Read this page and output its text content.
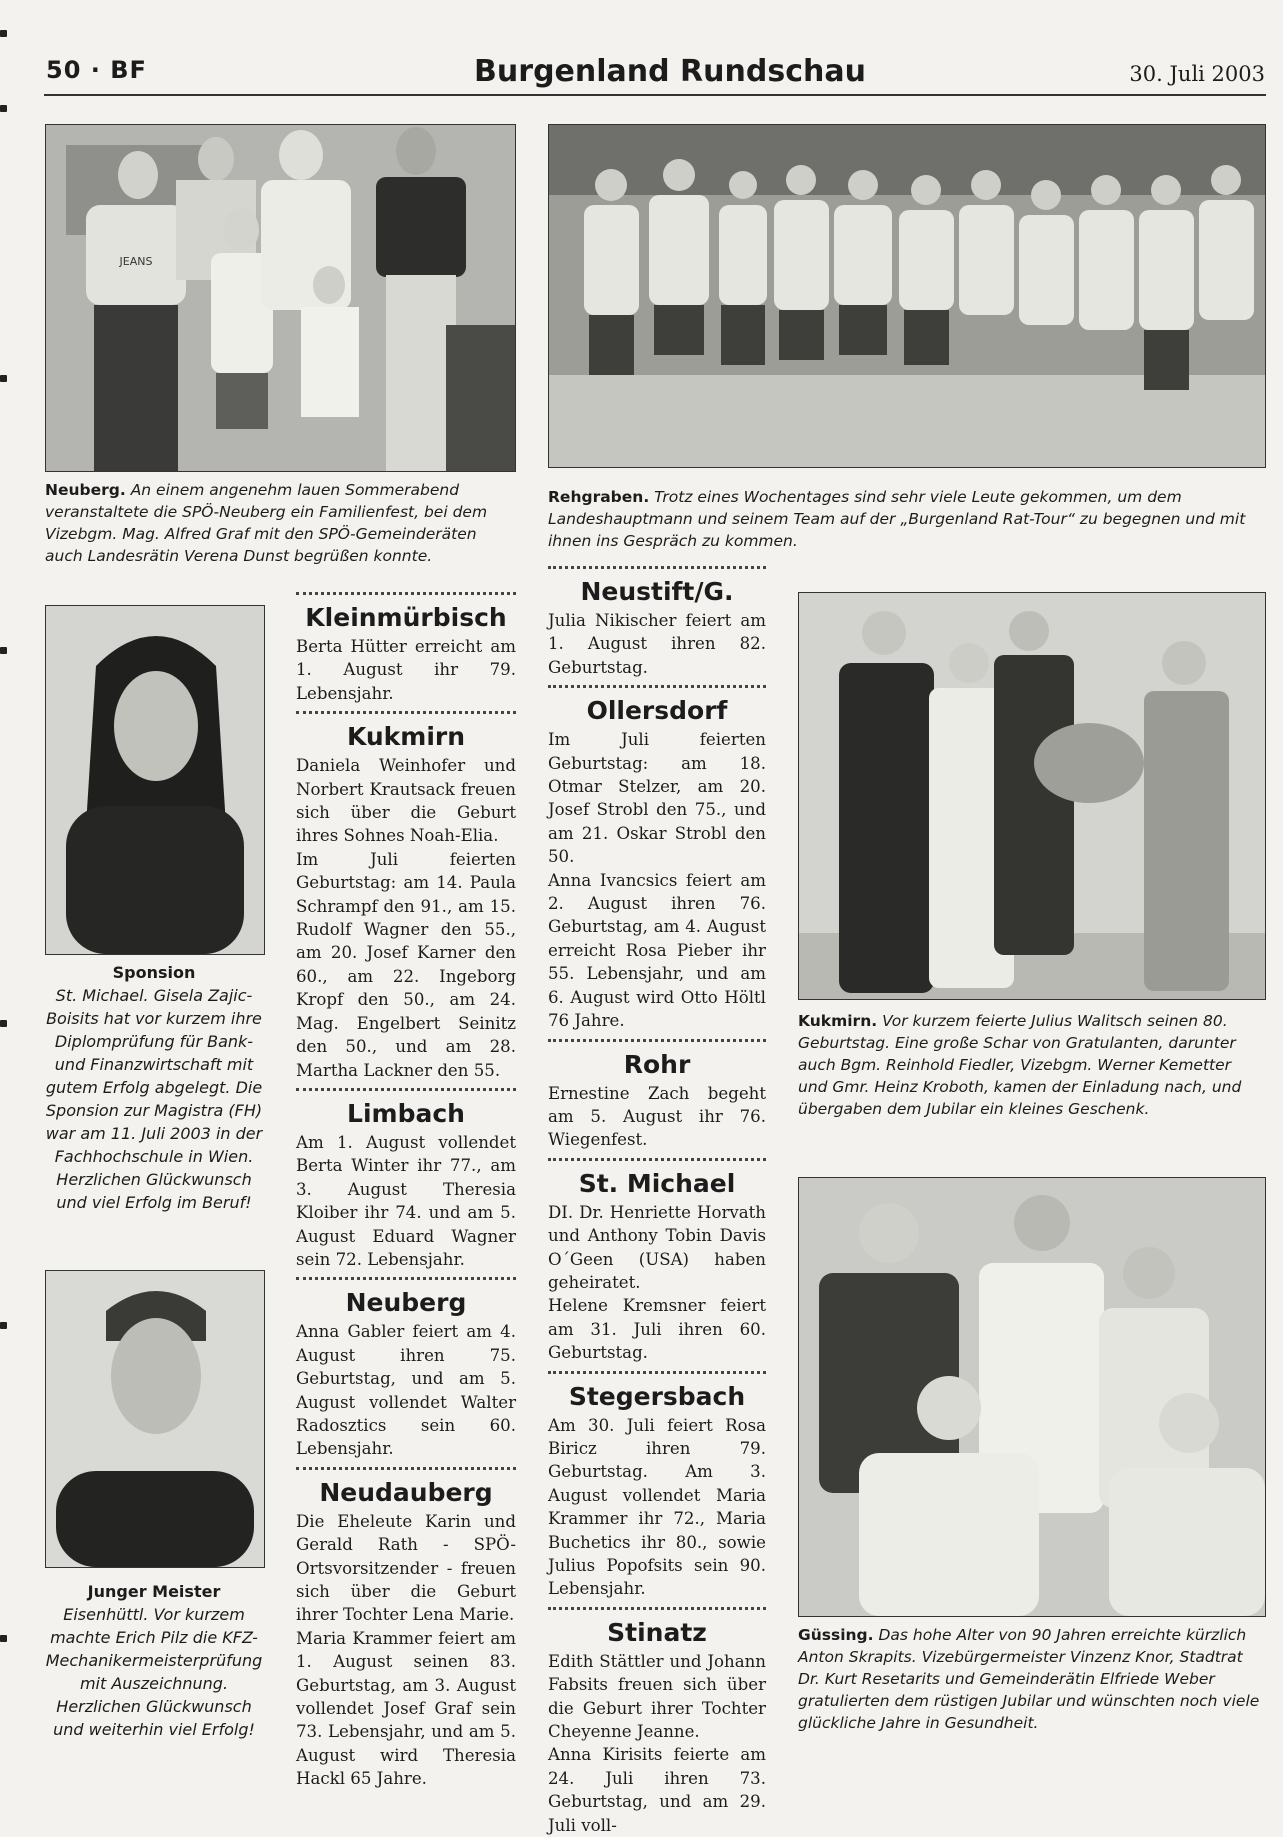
50 · BF	Burgenland Rundschau	30. Juli 2003
JEANS

Neuberg. An einem angenehm lauen Sommerabend veranstaltete die SPÖ-Neuberg ein Familienfest, bei dem Vizebgm. Mag. Alfred Graf mit den SPÖ-Gemeinderäten auch Landesrätin Verena Dunst begrüßen konnte.

Rehgraben. Trotz eines Wochentages sind sehr viele Leute gekommen, um dem Landeshauptmann und seinem Team auf der „Burgenland Rat-Tour“ zu begegnen und mit ihnen ins Gespräch zu kommen.

Sponsion

St. Michael. Gisela Zajic-Boisits hat vor kurzem ihre Diplomprüfung für Bank- und Finanzwirtschaft mit gutem Erfolg abgelegt. Die Sponsion zur Magistra (FH) war am 11. Juli 2003 in der Fachhochschule in Wien. Herzlichen Glückwunsch und viel Erfolg im Beruf!

Junger Meister

Eisenhüttl. Vor kurzem machte Erich Pilz die KFZ-Mechanikermeisterprüfung mit Auszeichnung. Herzlichen Glückwunsch und weiterhin viel Erfolg!

Kleinmürbisch

Berta Hütter erreicht am 1. August ihr 79. Lebensjahr.

Kukmirn

Daniela Weinhofer und Norbert Krautsack freuen sich über die Geburt ihres Sohnes Noah-Elia.

Im Juli feierten Geburtstag: am 14. Paula Schrampf den 91., am 15. Rudolf Wagner den 55., am 20. Josef Karner den 60., am 22. Ingeborg Kropf den 50., am 24. Mag. Engelbert Seinitz den 50., und am 28. Martha Lackner den 55.

Limbach

Am 1. August vollendet Berta Winter ihr 77., am 3. August Theresia Kloiber ihr 74. und am 5. August Eduard Wagner sein 72. Lebensjahr.

Neuberg

Anna Gabler feiert am 4. August ihren 75. Geburtstag, und am 5. August vollendet Walter Radosztics sein 60. Lebensjahr.

Neudauberg

Die Eheleute Karin und Gerald Rath - SPÖ-Ortsvorsitzender - freuen sich über die Geburt ihrer Tochter Lena Marie.

Maria Krammer feiert am 1. August seinen 83. Geburtstag, am 3. August vollendet Josef Graf sein 73. Lebensjahr, und am 5. August wird Theresia Hackl 65 Jahre.

Neustift/G.

Julia Nikischer feiert am 1. August ihren 82. Geburtstag.

Ollersdorf

Im Juli feierten Geburtstag: am 18. Otmar Stelzer, am 20. Josef Strobl den 75., und am 21. Oskar Strobl den 50.

Anna Ivancsics feiert am 2. August ihren 76. Geburtstag, am 4. August erreicht Rosa Pieber ihr 55. Lebensjahr, und am 6. August wird Otto Höltl 76 Jahre.

Rohr

Ernestine Zach begeht am 5. August ihr 76. Wiegenfest.

St. Michael

DI. Dr. Henriette Horvath und Anthony Tobin Davis O´Geen (USA) haben geheiratet.

Helene Kremsner feiert am 31. Juli ihren 60. Geburtstag.

Stegersbach

Am 30. Juli feiert Rosa Biricz ihren 79. Geburtstag. Am 3. August vollendet Maria Krammer ihr 72., Maria Buchetics ihr 80., sowie Julius Popofsits sein 90. Lebensjahr.

Stinatz

Edith Stättler und Johann Fabsits freuen sich über die Geburt ihrer Tochter Cheyenne Jeanne.

Anna Kirisits feierte am 24. Juli ihren 73. Geburtstag, und am 29. Juli voll-

Kukmirn. Vor kurzem feierte Julius Walitsch seinen 80. Geburtstag. Eine große Schar von Gratulanten, darunter auch Bgm. Reinhold Fiedler, Vizebgm. Werner Kemetter und Gmr. Heinz Kroboth, kamen der Einladung nach, und übergaben dem Jubilar ein kleines Geschenk.

Güssing. Das hohe Alter von 90 Jahren erreichte kürzlich Anton Skrapits. Vizebürgermeister Vinzenz Knor, Stadtrat Dr. Kurt Resetarits und Gemeinderätin Elfriede Weber gratulierten dem rüstigen Jubilar und wünschten noch viele glückliche Jahre in Gesundheit.
